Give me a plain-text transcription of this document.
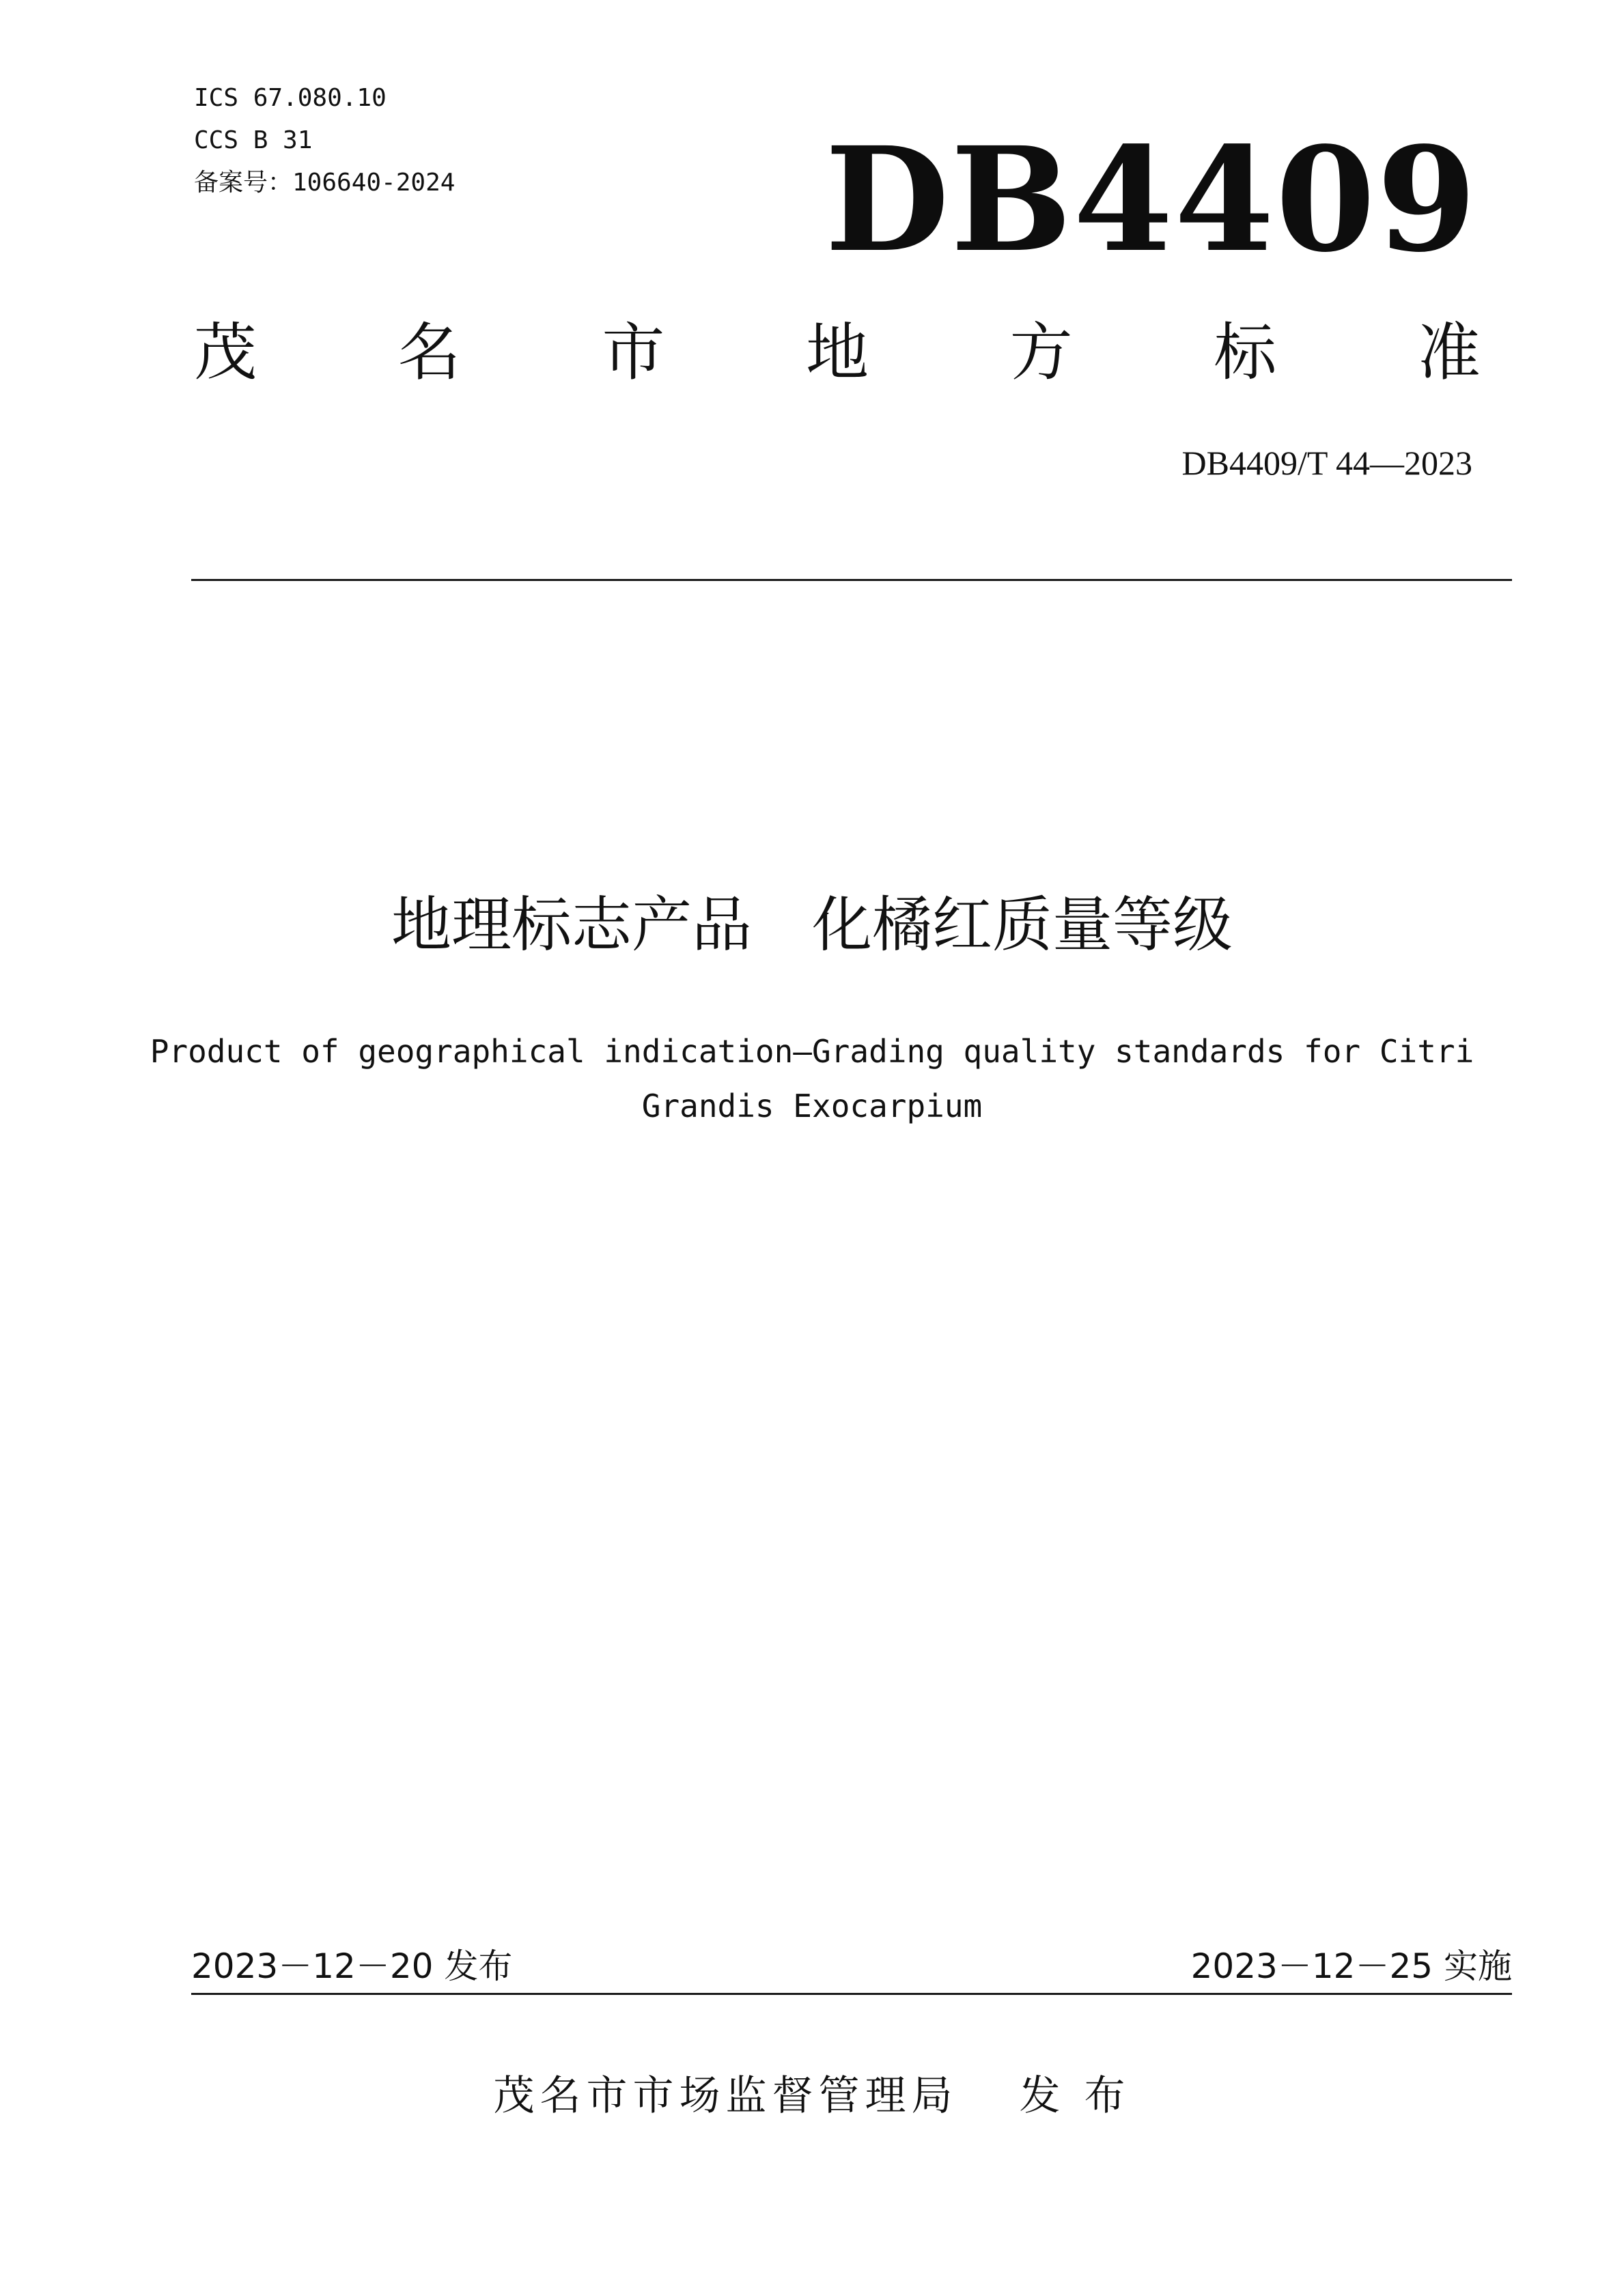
ICS 67.080.10
CCS B 31
备案号：106640-2024	DB4409
茂 名 市 地 方 标 准
DB4409/T 44—2023
地理标志产品　化橘红质量等级
Product of geographical indication—Grading quality standards for Citri Grandis Exocarpium
2023－12－20 发布	2023－12－25 实施
茂名市市场监督管理局 发 布
